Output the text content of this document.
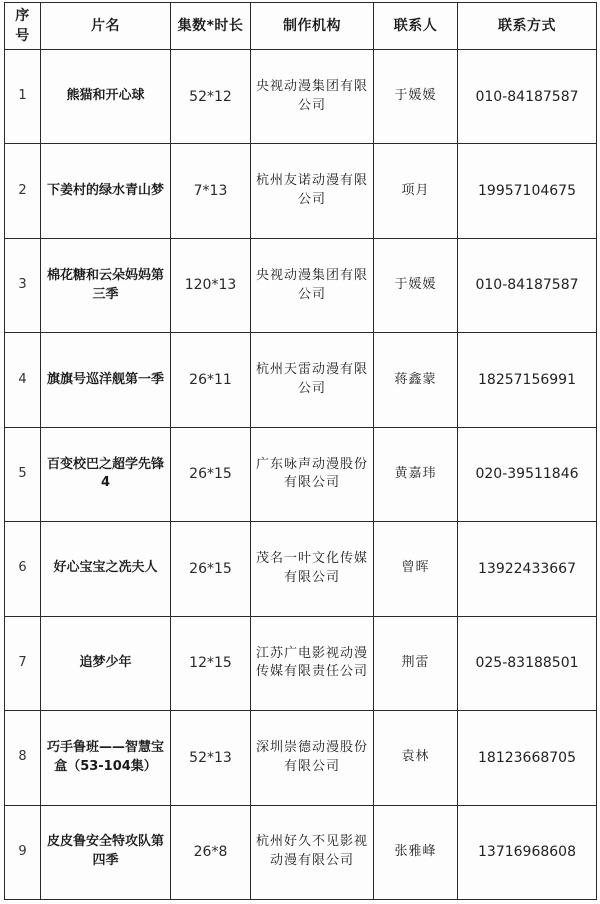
序号	片名	集数*时长	制作机构	联系人	联系方式
1	熊猫和开心球	52*12	央视动漫集团有限公司	于媛媛	010-84187587
2	下姜村的绿水青山梦	7*13	杭州友诺动漫有限公司	项月	19957104675
3	棉花糖和云朵妈妈第三季	120*13	央视动漫集团有限公司	于媛媛	010-84187587
4	旗旗号巡洋舰第一季	26*11	杭州天雷动漫有限公司	蒋鑫蒙	18257156991
5	百变校巴之超学先锋4	26*15	广东咏声动漫股份有限公司	黄嘉玮	020-39511846
6	好心宝宝之冼夫人	26*15	茂名一叶文化传媒有限公司	曾晖	13922433667
7	追梦少年	12*15	江苏广电影视动漫传媒有限责任公司	荆雷	025-83188501
8	巧手鲁班——智慧宝盒（53-104集）	52*13	深圳崇德动漫股份有限公司	袁林	18123668705
9	皮皮鲁安全特攻队第四季	26*8	杭州好久不见影视动漫有限公司	张雅峰	13716968608
